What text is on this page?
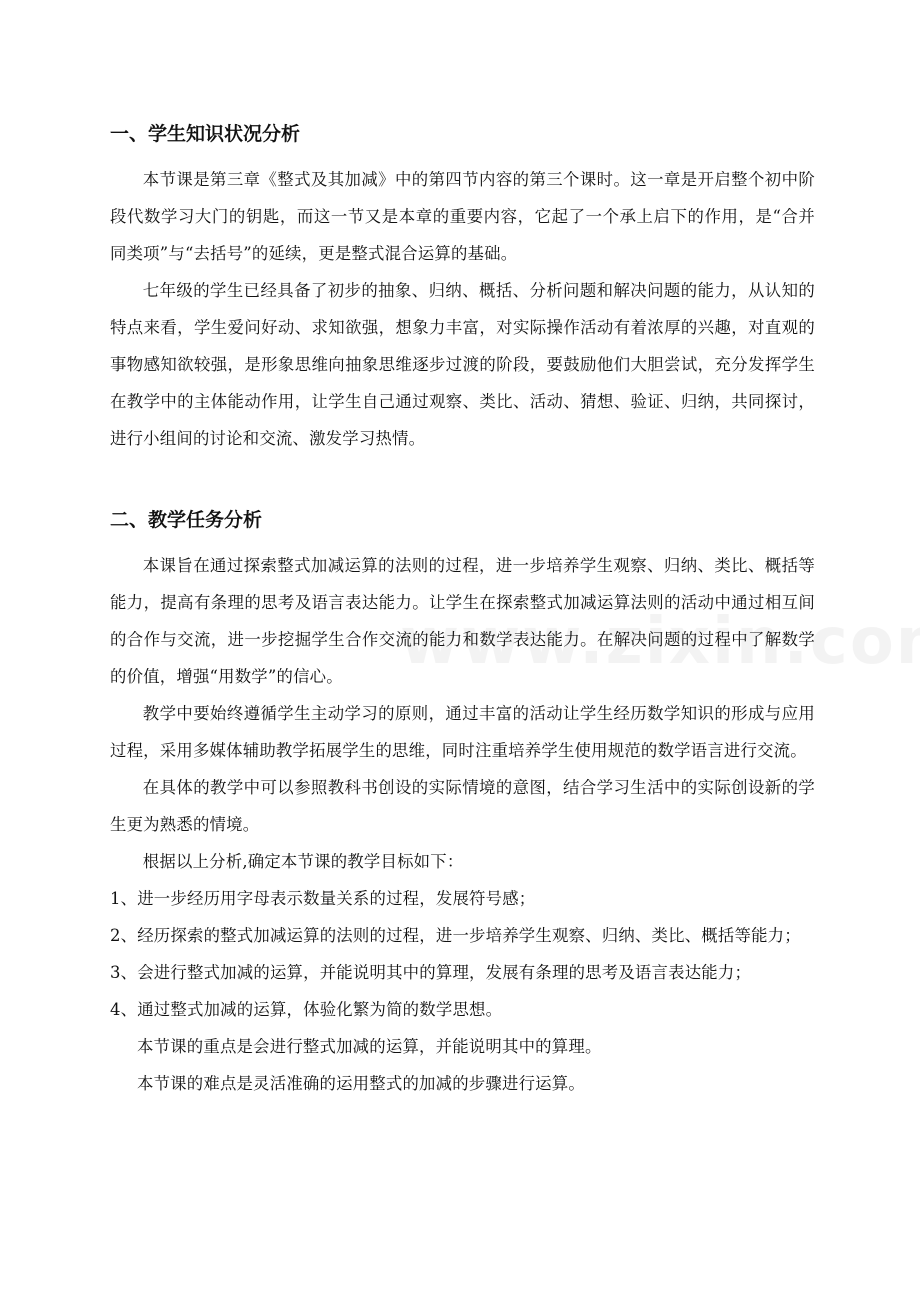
一、学生知识状况分析

本节课是第三章《整式及其加减》中的第四节内容的第三个课时。这一章是开启整个初中阶段代数学习大门的钥匙，而这一节又是本章的重要内容，它起了一个承上启下的作用，是“合并同类项”与“去括号”的延续，更是整式混合运算的基础。

七年级的学生已经具备了初步的抽象、归纳、概括、分析问题和解决问题的能力，从认知的特点来看，学生爱问好动、求知欲强，想象力丰富，对实际操作活动有着浓厚的兴趣，对直观的事物感知欲较强，是形象思维向抽象思维逐步过渡的阶段，要鼓励他们大胆尝试，充分发挥学生在教学中的主体能动作用，让学生自己通过观察、类比、活动、猜想、验证、归纳，共同探讨，进行小组间的讨论和交流、激发学习热情。

二、教学任务分析

本课旨在通过探索整式加减运算的法则的过程，进一步培养学生观察、归纳、类比、概括等能力，提高有条理的思考及语言表达能力。让学生在探索整式加减运算法则的活动中通过相互间的合作与交流，进一步挖掘学生合作交流的能力和数学表达能力。在解决问题的过程中了解数学的价值，增强“用数学”的信心。

教学中要始终遵循学生主动学习的原则，通过丰富的活动让学生经历数学知识的形成与应用过程，采用多媒体辅助教学拓展学生的思维，同时注重培养学生使用规范的数学语言进行交流。

在具体的教学中可以参照教科书创设的实际情境的意图，结合学习生活中的实际创设新的学生更为熟悉的情境。

根据以上分析,确定本节课的教学目标如下：

1、进一步经历用字母表示数量关系的过程，发展符号感；

2、经历探索的整式加减运算的法则的过程，进一步培养学生观察、归纳、类比、概括等能力；

3、会进行整式加减的运算，并能说明其中的算理，发展有条理的思考及语言表达能力；

4、通过整式加减的运算，体验化繁为简的数学思想。

本节课的重点是会进行整式加减的运算，并能说明其中的算理。

本节课的难点是灵活准确的运用整式的加减的步骤进行运算。
